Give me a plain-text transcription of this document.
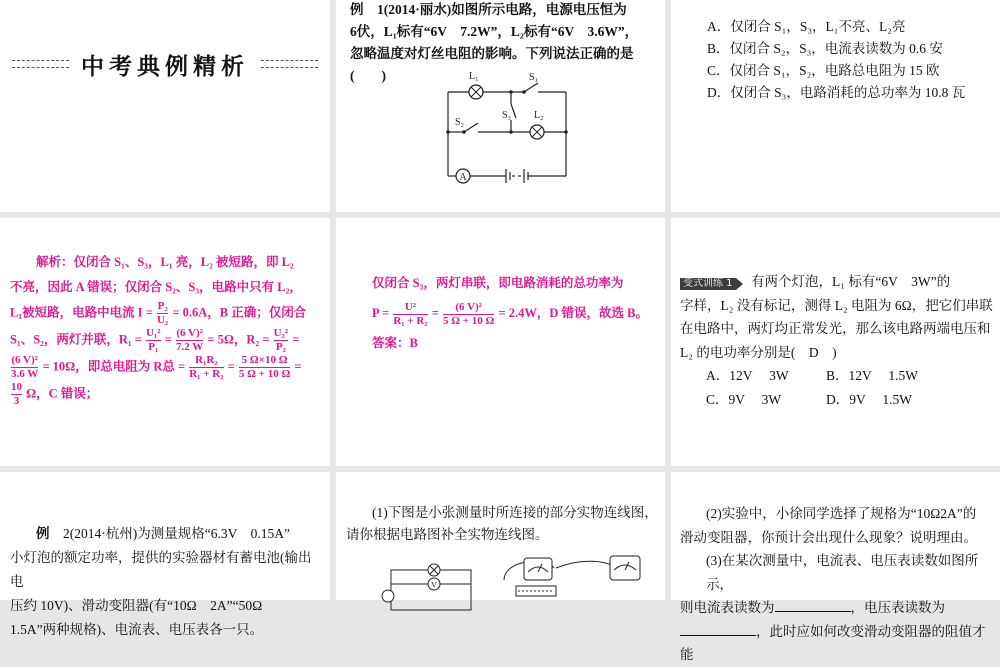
中考典例精析
例　 1(2014·丽水)如图所示电路，电源电压恒为
6伏，L₁标有“6V　7.2W”，L₂标有“6V　3.6W”，
忽略温度对灯丝电阻的影响。下列说法正确的是(　　)
A
L₁	S₁
S₃
S₂
L₂
A．仅闭合 S₁，S₃，L₁不亮、L₂亮
B．仅闭合 S₂，S₃，电流表读数为 0.6 安
C．仅闭合 S₁，S₂，电路总电阻为 15 欧
D．仅闭合 S₃，电路消耗的总功率为 10.8 瓦
解析：仅闭合 S₁、S₃，L₁ 亮，L₂ 被短路，即 L₂
不亮，因此 A 错误；仅闭合 S₂、S₃，电路中只有 L₂，
L₁被短路，电路中电流 $I = \frac{\text{P₂}}{\text{U₂}} = 0.6A$，B 正确；仅闭合
S₁、S₂，两灯并联，$R_1 = \frac{\text{U₁²}}{\text{P₁}} = \frac{\text{(6 V)²}}{7.2 W} = 5\Omega$，$R_2 = \frac{\text{U₂²}}{\text{P₂}}$ =
$\frac{\text{(6 V)²}}{3.6 W} = 10\Omega$，即总电阻为 R总 = $\frac{\text{R₁R₂}}{\text{R₁ + R₂}} = \frac{5 \Omega\times 10 \Omega}{5 \Omega + 10 \Omega}$ =
$\frac{10}{3}$ Ω，C 错误；
仅闭合 S₃，两灯串联，即电路消耗的总功率为
$P = \frac{\text{U²}}{\text{R₁ + R₂}} = \frac{\text{(6 V)²}}{5 \Omega + 10 \Omega} = 2.4W$，D 错误，故选 B。
答案：B
变式训练 1　 有两个灯泡，L₁ 标有“6V　3W”的
字样，L₂ 没有标记，测得 L₂ 电阻为 6Ω，把它们串联
在电路中，两灯均正常发光，那么该电路两端电压和
L₂ 的电功率分别是(　D　)
A．12V　 3W	B．12V　 1.5W
C．9V　 3W	D．9V　 1.5W
例　 2(2014·杭州)为测量规格“6.3V　0.15A”
小灯泡的额定功率，提供的实验器材有蓄电池(输出电
压约 10V)、滑动变阻器(有“10Ω　2A”“50Ω
1.5A”两种规格)、电流表、电压表各一只。
(1)下图是小张测量时所连接的部分实物连线图，
请你根据电路图补全实物连线图。
V
(2)实验中，小徐同学选择了规格为“10Ω2A”的
滑动变阻器，你预计会出现什么现象？说明理由。
(3)在某次测量中，电流表、电压表读数如图所示，
则电流表读数为	，电压表读数为
，此时应如何改变滑动变阻器的阻值才能
